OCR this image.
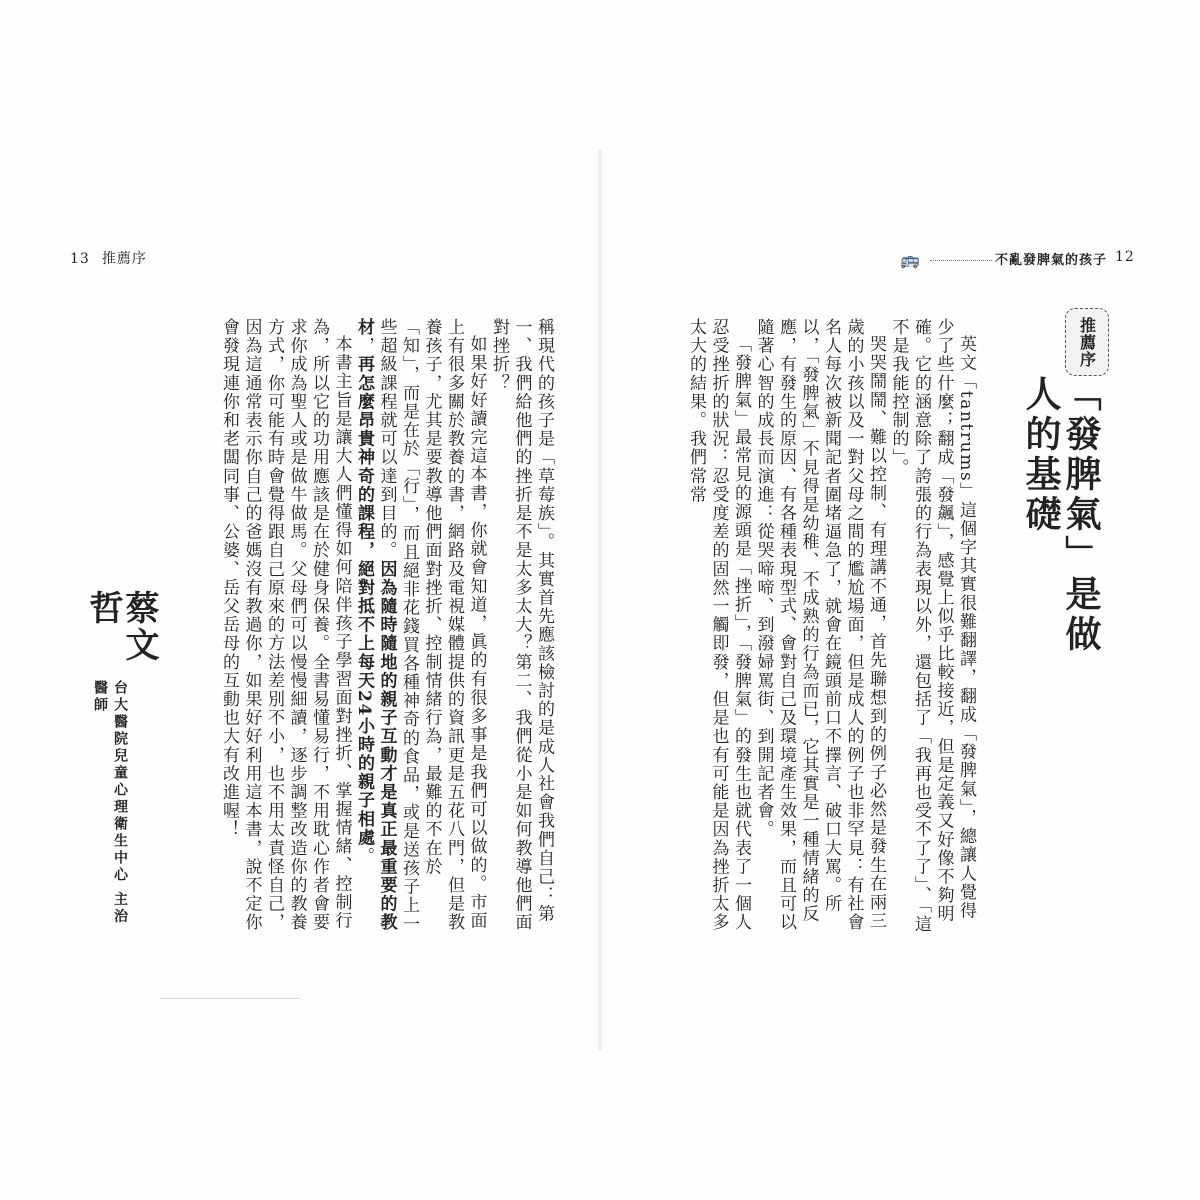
13 推薦序	🚌	不亂發脾氣的孩子 12
推薦序
「發脾氣」是做人的基礎

英文「tantrums」這個字其實很難翻譯，翻成「發脾氣」，總讓人覺得少了些什麼；翻成「發飆」，感覺上似乎比較接近，但是定義又好像不夠明確。它的涵意除了誇張的行為表現以外，還包括了「我再也受不了了」、「這不是我能控制的」。

哭哭鬧鬧、難以控制、有理講不通，首先聯想到的例子必然是發生在兩三歲的小孩以及一對父母之間的尷尬場面，但是成人的例子也非罕見：有社會名人每次被新聞記者圍堵逼急了，就會在鏡頭前口不擇言、破口大罵。所以，「發脾氣」不見得是幼稚、不成熟的行為而已，它其實是一種情緒的反應，有發生的原因、有各種表現型式、會對自己及環境產生效果，而且可以隨著心智的成長而演進：從哭啼啼、到潑婦罵街、到開記者會。

「發脾氣」最常見的源頭是「挫折」，「發脾氣」的發生也就代表了一個人忍受挫折的狀況：忍受度差的固然一觸即發，但是也有可能是因為挫折太多太大的結果。我們常常

稱現代的孩子是「草莓族」。其實首先應該檢討的是成人社會我們自己：第一、我們給他們的挫折是不是太多太大？第二、我們從小是如何教導他們面對挫折？

如果好好讀完這本書，你就會知道，眞的有很多事是我們可以做的。市面上有很多關於教養的書，網路及電視媒體提供的資訊更是五花八門，但是教養孩子，尤其是要教導他們面對挫折、控制情緒行為，最難的不在於「知」，而是在於「行」，而且絕非花錢買各種神奇的食品，或是送孩子上一些超級課程就可以達到目的。因為隨時隨地的親子互動才是真正最重要的教材，再怎麼昂貴神奇的課程，絕對抵不上每天24小時的親子相處。

本書主旨是讓大人們懂得如何陪伴孩子學習面對挫折、掌握情緒、控制行為，所以它的功用應該是在於健身保養。全書易懂易行，不用耽心作者會要求你成為聖人或是做牛做馬。父母們可以慢慢細讀，逐步調整改造你的教養方式，你可能有時會覺得跟自己原來的方法差別不小，也不用太責怪自己，因為這通常表示你自己的爸媽沒有教過你，如果好好利用這本書，說不定你會發現連你和老闆同事、公婆、岳父岳母的互動也大有改進喔！

蔡文哲
台大醫院兒童心理衛生中心 主治醫師
